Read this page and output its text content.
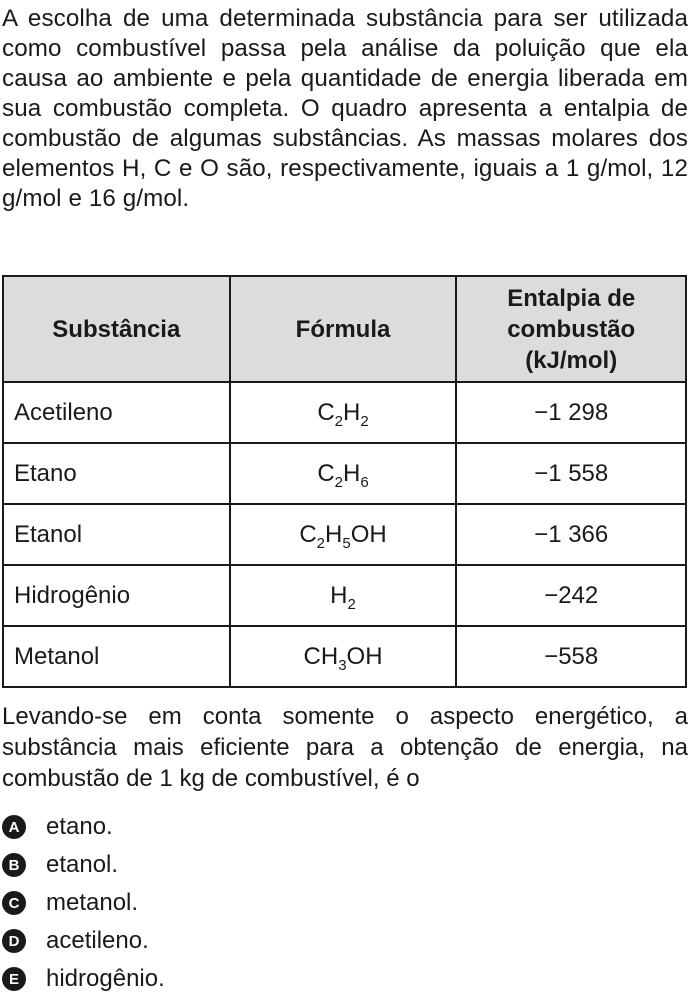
A escolha de uma determinada substância para ser utilizada como combustível passa pela análise da poluição que ela causa ao ambiente e pela quantidade de energia liberada em sua combustão completa. O quadro apresenta a entalpia de combustão de algumas substâncias. As massas molares dos elementos H, C e O são, respectivamente, iguais a 1 g/mol, 12 g/mol e 16 g/mol.
Substância	Fórmula	Entalpia de
combustão
(kJ/mol)
Acetileno	$C_2H_2$	−1 298
Etano	$C_2H_6$	−1 558
Etanol	$C_2H_5OH$	−1 366
Hidrogênio	$H_2$	−242
Metanol	$CH_3OH$	−558
Levando-se em conta somente o aspecto energético, a substância mais eficiente para a obtenção de energia, na combustão de 1 kg de combustível, é o
A etano.
B etanol.
C metanol.
D acetileno.
E hidrogênio.
